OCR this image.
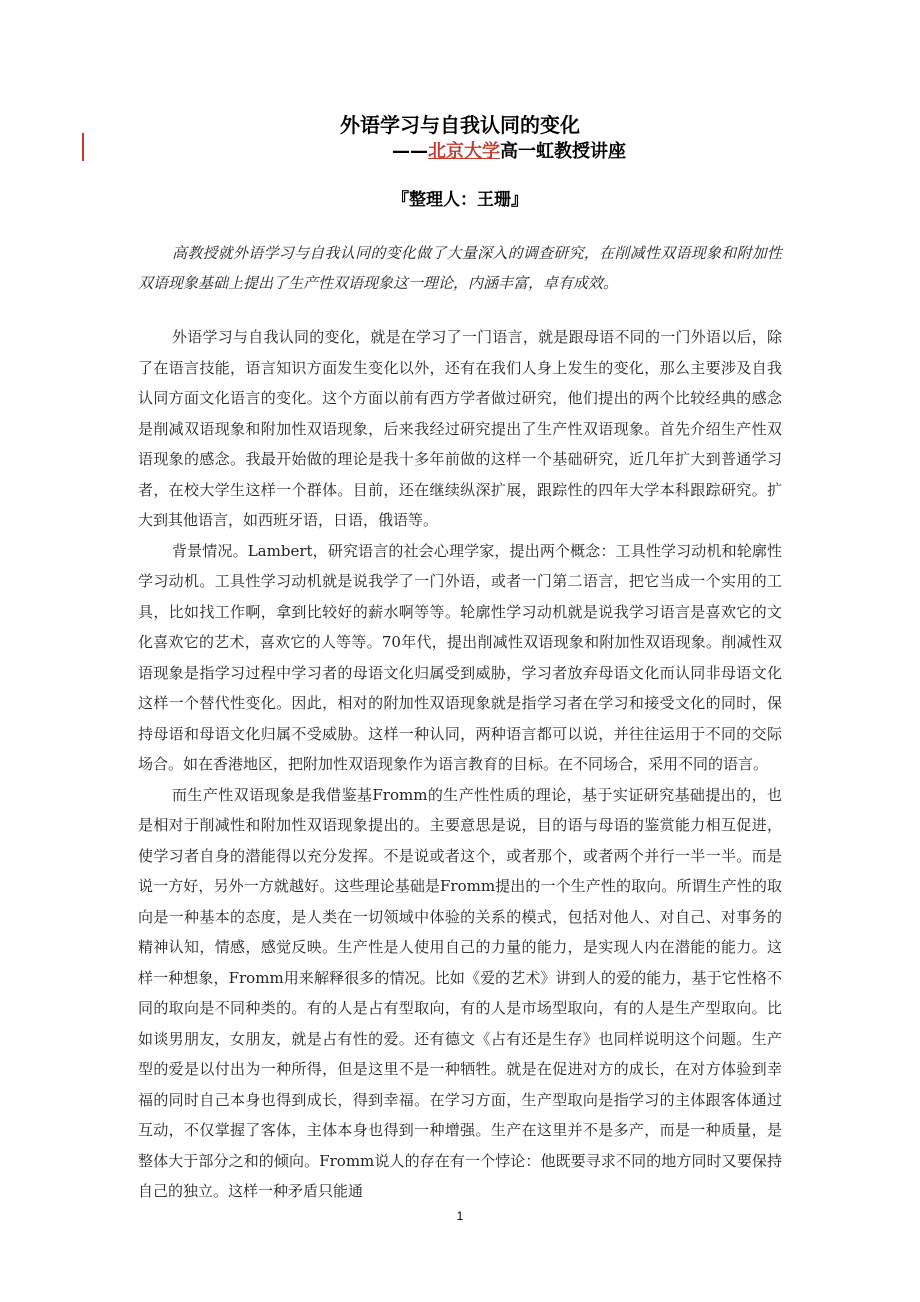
外语学习与自我认同的变化
——北京大学高一虹教授讲座
『整理人：王珊』

高教授就外语学习与自我认同的变化做了大量深入的调查研究，在削减性双语现象和附加性双语现象基础上提出了生产性双语现象这一理论，内涵丰富，卓有成效。

外语学习与自我认同的变化，就是在学习了一门语言，就是跟母语不同的一门外语以后，除了在语言技能，语言知识方面发生变化以外，还有在我们人身上发生的变化，那么主要涉及自我认同方面文化语言的变化。这个方面以前有西方学者做过研究，他们提出的两个比较经典的感念是削减双语现象和附加性双语现象，后来我经过研究提出了生产性双语现象。首先介绍生产性双语现象的感念。我最开始做的理论是我十多年前做的这样一个基础研究，近几年扩大到普通学习者，在校大学生这样一个群体。目前，还在继续纵深扩展，跟踪性的四年大学本科跟踪研究。扩大到其他语言，如西班牙语，日语，俄语等。

背景情况。Lambert，研究语言的社会心理学家，提出两个概念：工具性学习动机和轮廓性学习动机。工具性学习动机就是说我学了一门外语，或者一门第二语言，把它当成一个实用的工具，比如找工作啊，拿到比较好的薪水啊等等。轮廓性学习动机就是说我学习语言是喜欢它的文化喜欢它的艺术，喜欢它的人等等。70年代，提出削减性双语现象和附加性双语现象。削减性双语现象是指学习过程中学习者的母语文化归属受到威胁，学习者放弃母语文化而认同非母语文化这样一个替代性变化。因此，相对的附加性双语现象就是指学习者在学习和接受文化的同时，保持母语和母语文化归属不受威胁。这样一种认同，两种语言都可以说，并往往运用于不同的交际场合。如在香港地区，把附加性双语现象作为语言教育的目标。在不同场合，采用不同的语言。

而生产性双语现象是我借鉴基Fromm的生产性性质的理论，基于实证研究基础提出的，也是相对于削减性和附加性双语现象提出的。主要意思是说，目的语与母语的鉴赏能力相互促进，使学习者自身的潜能得以充分发挥。不是说或者这个，或者那个，或者两个并行一半一半。而是说一方好，另外一方就越好。这些理论基础是Fromm提出的一个生产性的取向。所谓生产性的取向是一种基本的态度，是人类在一切领域中体验的关系的模式，包括对他人、对自己、对事务的精神认知，情感，感觉反映。生产性是人使用自己的力量的能力，是实现人内在潜能的能力。这样一种想象，Fromm用来解释很多的情况。比如《爱的艺术》讲到人的爱的能力，基于它性格不同的取向是不同种类的。有的人是占有型取向，有的人是市场型取向，有的人是生产型取向。比如谈男朋友，女朋友，就是占有性的爱。还有德文《占有还是生存》也同样说明这个问题。生产型的爱是以付出为一种所得，但是这里不是一种牺牲。就是在促进对方的成长，在对方体验到幸福的同时自己本身也得到成长，得到幸福。在学习方面，生产型取向是指学习的主体跟客体通过互动，不仅掌握了客体，主体本身也得到一种增强。生产在这里并不是多产，而是一种质量，是整体大于部分之和的倾向。Fromm说人的存在有一个悖论：他既要寻求不同的地方同时又要保持自己的独立。这样一种矛盾只能通

1
